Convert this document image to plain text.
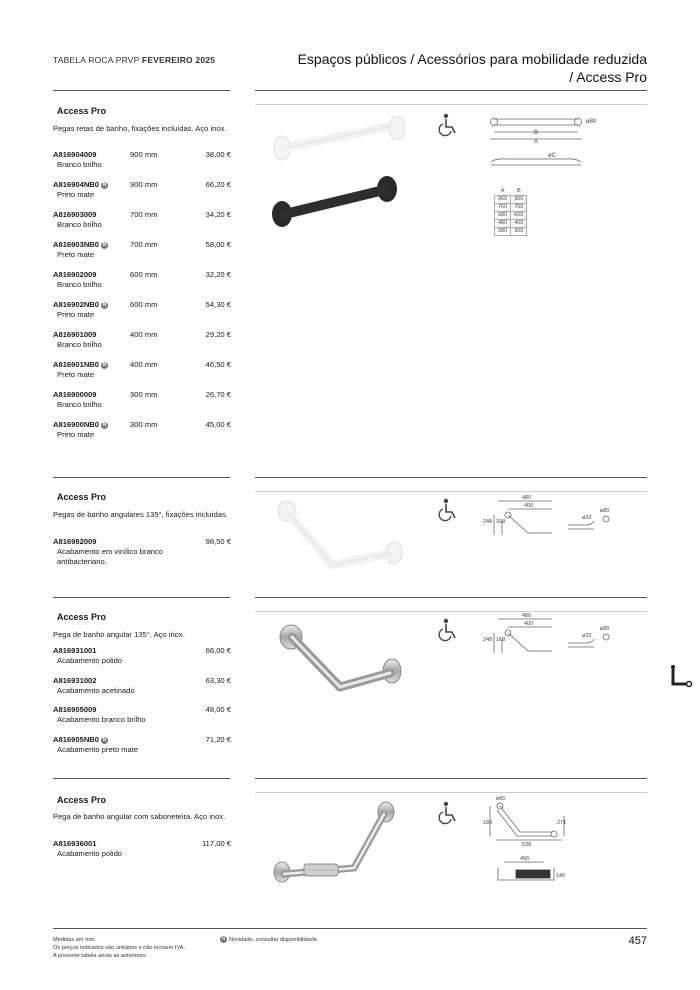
TABELA ROCA PRVP FEVEREIRO 2025	Espaços públicos / Acessórios para mobilidade reduzida
/ Access Pro
Access Pro
Pegas retas de banho, fixações incluídas. Aço inox.
A816904009	900 mm	38,00 €
Branco brilho
A816904NB0 N	900 mm	66,20 €
Preto mate
A816903009	700 mm	34,20 €
Branco brilho
A816903NB0 N	700 mm	58,00 €
Preto mate
A816902009	600 mm	32,20 €
Branco brilho
A816902NB0 N	600 mm	54,30 €
Preto mate
A816901009	400 mm	29,20 €
Branco brilho
A816901NB0 N	400 mm	46,50 €
Preto mate
A816900009	300 mm	26,70 €
Branco brilho
A816900NB0 N	300 mm	45,00 €
Preto mate
ø80
B
A
øC
A	B
960	900
760	700
680	600
480	400
380	300
Access Pro
Pegas de banho angulares 135°, fixações incluídas.
A816982009	98,50 €
Acabamento em vinílico branco antibacteriano.
480
400
248 168
ø32
ø80
Access Pro
Pega de banho angular 135°. Aço inox.
A816931001	66,00 €
Acabamento polido
A816931002	63,30 €
Acabamento acetinado
A816905009	48,00 €
Acabamento branco brilho
A816905NB0 N	71,20 €
Acabamento preto mate
480
400
248 168
ø32
ø80
Access Pro
Pega de banho angular com saboneteira. Aço inox.
A816936001	117,00 €
Acabamento polido
ø80
189	271
538
456
140
Medidas em mm.
Os preços indicados são unitários e não incluem IVA.
A presente tabela anula as anteriores.
N Novidade, consultar disponibilidade.	457
